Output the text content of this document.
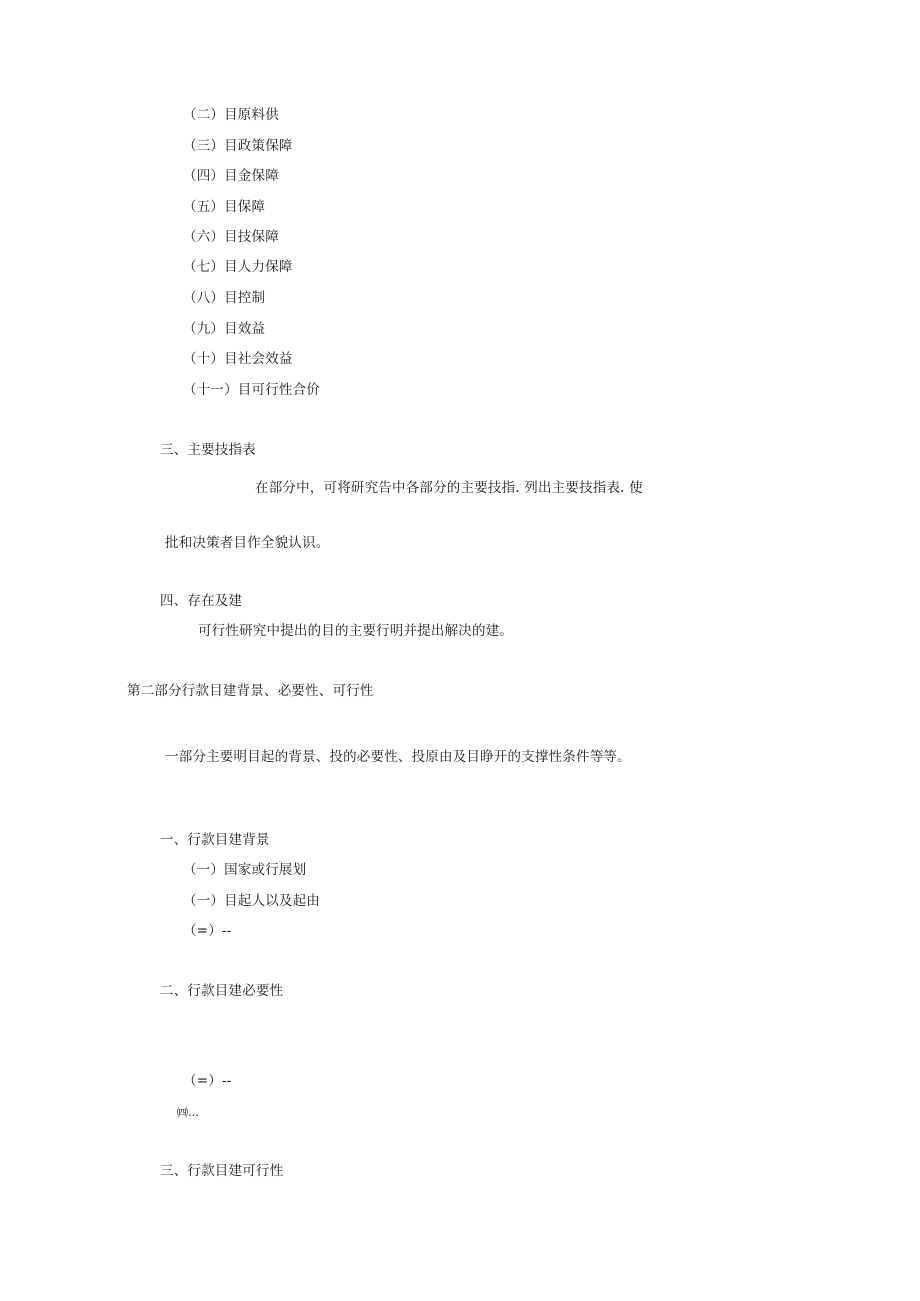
（二）目原料供
（三）目政策保障
（四）目金保障
（五）目保障
（六）目技保障
（七）目人力保障
（八）目控制
（九）目效益
（十）目社会效益
（十一）目可行性合价
三、主要技指表
在部分中，可将研究告中各部分的主要技指. 列出主要技指表. 使
批和决策者目作全貌认识。
四、存在及建
可行性研究中提出的目的主要行明并提出解决的建。
第二部分行款目建背景、必要性、可行性
一部分主要明目起的背景、投的必要性、投原由及目睁开的支撑性条件等等。
一、行款目建背景
（一）国家或行展划
（一）目起人以及起由
（=）--
二、行款目建必要性
（=）--
㈣…
三、行款目建可行性
